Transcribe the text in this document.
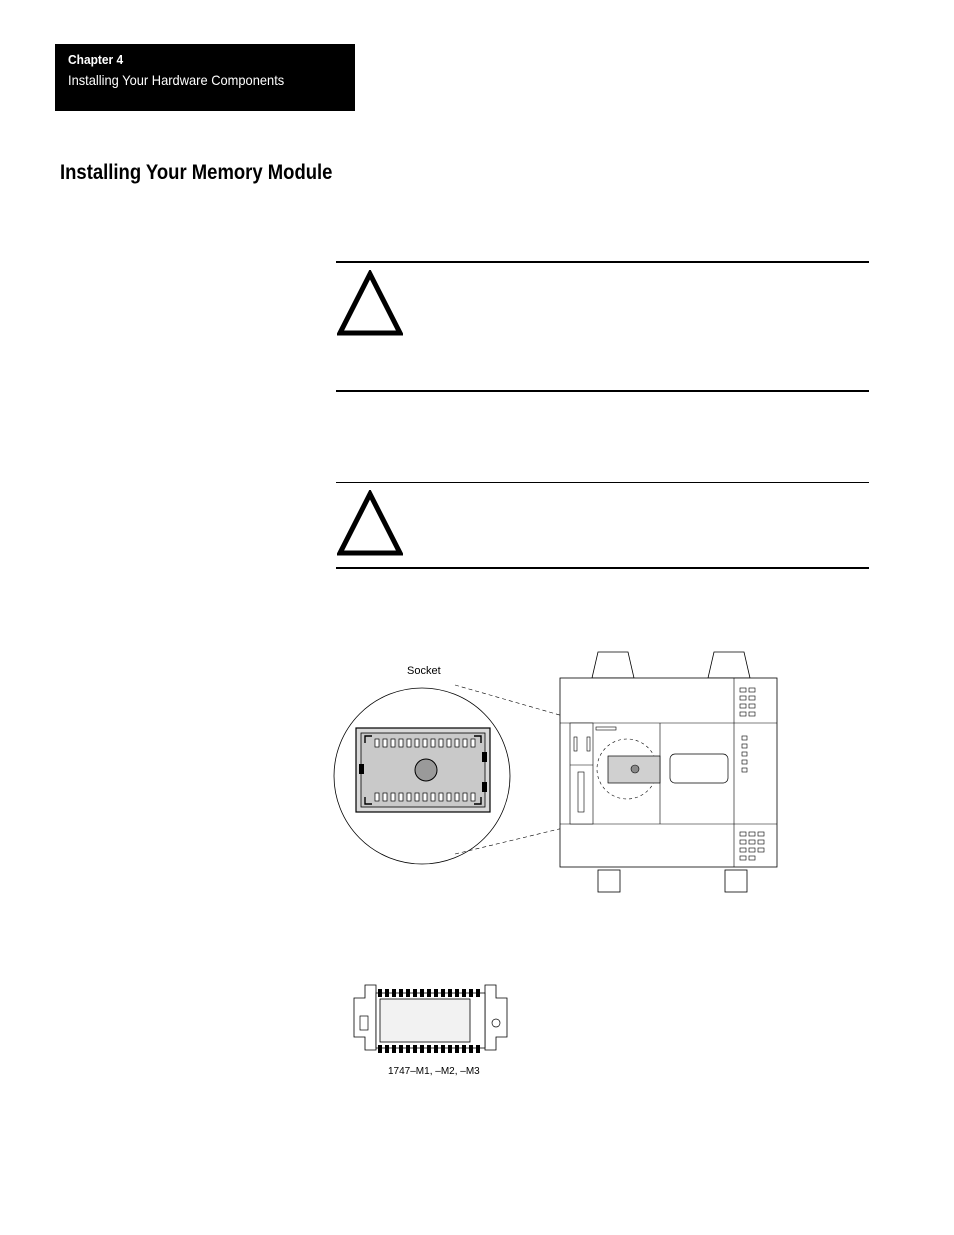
Chapter 4
Installing Your Hardware Components
Installing Your Memory Module
Socket
1747–M1, –M2, –M3
